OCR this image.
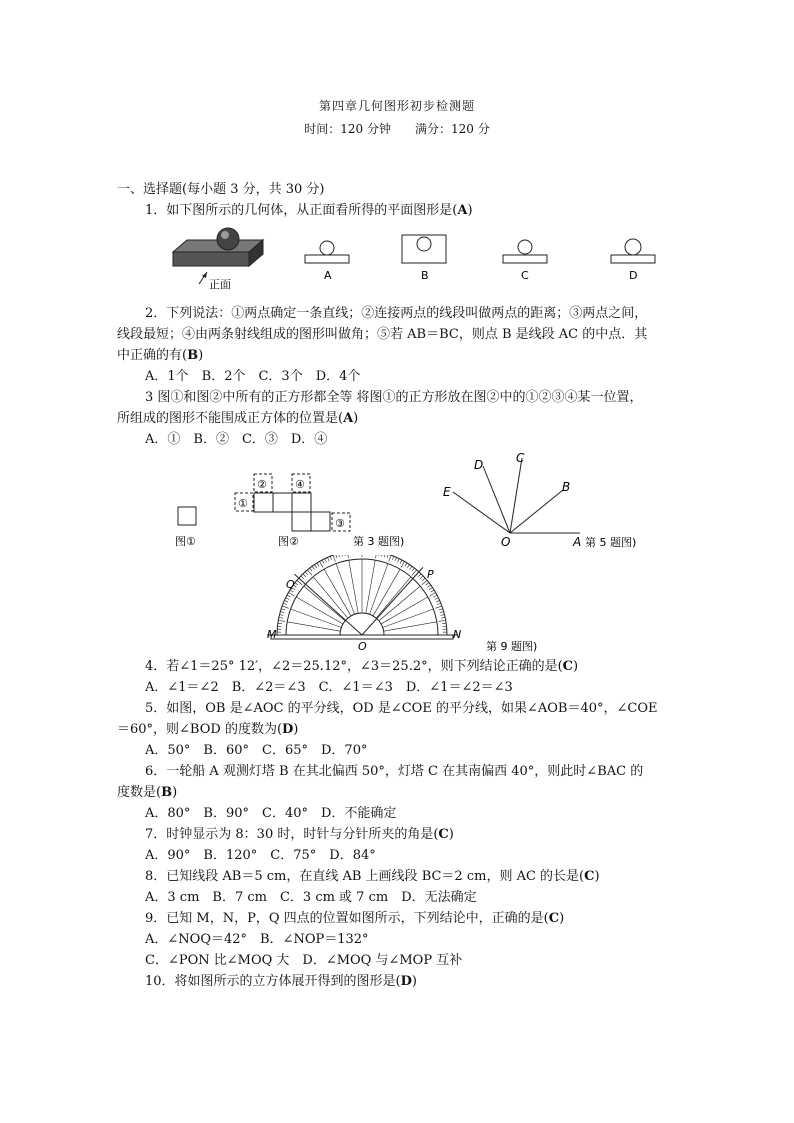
第四章几何图形初步检测题
时间：120 分钟　　满分：120 分
一、选择题(每小题 3 分，共 30 分)
1．如下图所示的几何体，从正面看所得的平面图形是(A)
正面
A	B	C	D
2．下列说法：①两点确定一条直线；②连接两点的线段叫做两点的距离；③两点之间，
线段最短；④由两条射线组成的图形叫做角；⑤若 AB＝BC，则点 B 是线段 AC 的中点．其
中正确的有(B)
A．1个　B．2个　C．3个　D．4个
3 图①和图②中所有的正方形都全等 将图①的正方形放在图②中的①②③④某一位置，
所组成的图形不能围成正方体的位置是(A)
A．①　B．②　C．③　D．④
图①
②	④
①
③
图②	第 3 题图)
D	C
E	B
O	A 第 5 题图)
Q
P
M
O
N
第 9 题图)
4．若∠1＝25° 12′，∠2＝25.12°，∠3＝25.2°，则下列结论正确的是(C)
A．∠1＝∠2　B．∠2＝∠3　C．∠1＝∠3　D．∠1＝∠2＝∠3
5．如图，OB 是∠AOC 的平分线，OD 是∠COE 的平分线，如果∠AOB＝40°，∠COE
＝60°，则∠BOD 的度数为(D)
A．50°　B．60°　C．65°　D．70°
6．一轮船 A 观测灯塔 B 在其北偏西 50°，灯塔 C 在其南偏西 40°，则此时∠BAC 的
度数是(B)
A．80°　B．90°　C．40°　D．不能确定
7．时钟显示为 8：30 时，时针与分针所夹的角是(C)
A．90°　B．120°　C．75°　D．84°
8．已知线段 AB＝5 cm，在直线 AB 上画线段 BC＝2 cm，则 AC 的长是(C)
A．3 cm　B．7 cm　C．3 cm 或 7 cm　D．无法确定
9．已知 M，N，P，Q 四点的位置如图所示，下列结论中，正确的是(C)
A．∠NOQ＝42°　B．∠NOP＝132°
C．∠PON 比∠MOQ 大　D．∠MOQ 与∠MOP 互补
10．将如图所示的立方体展开得到的图形是(D)
